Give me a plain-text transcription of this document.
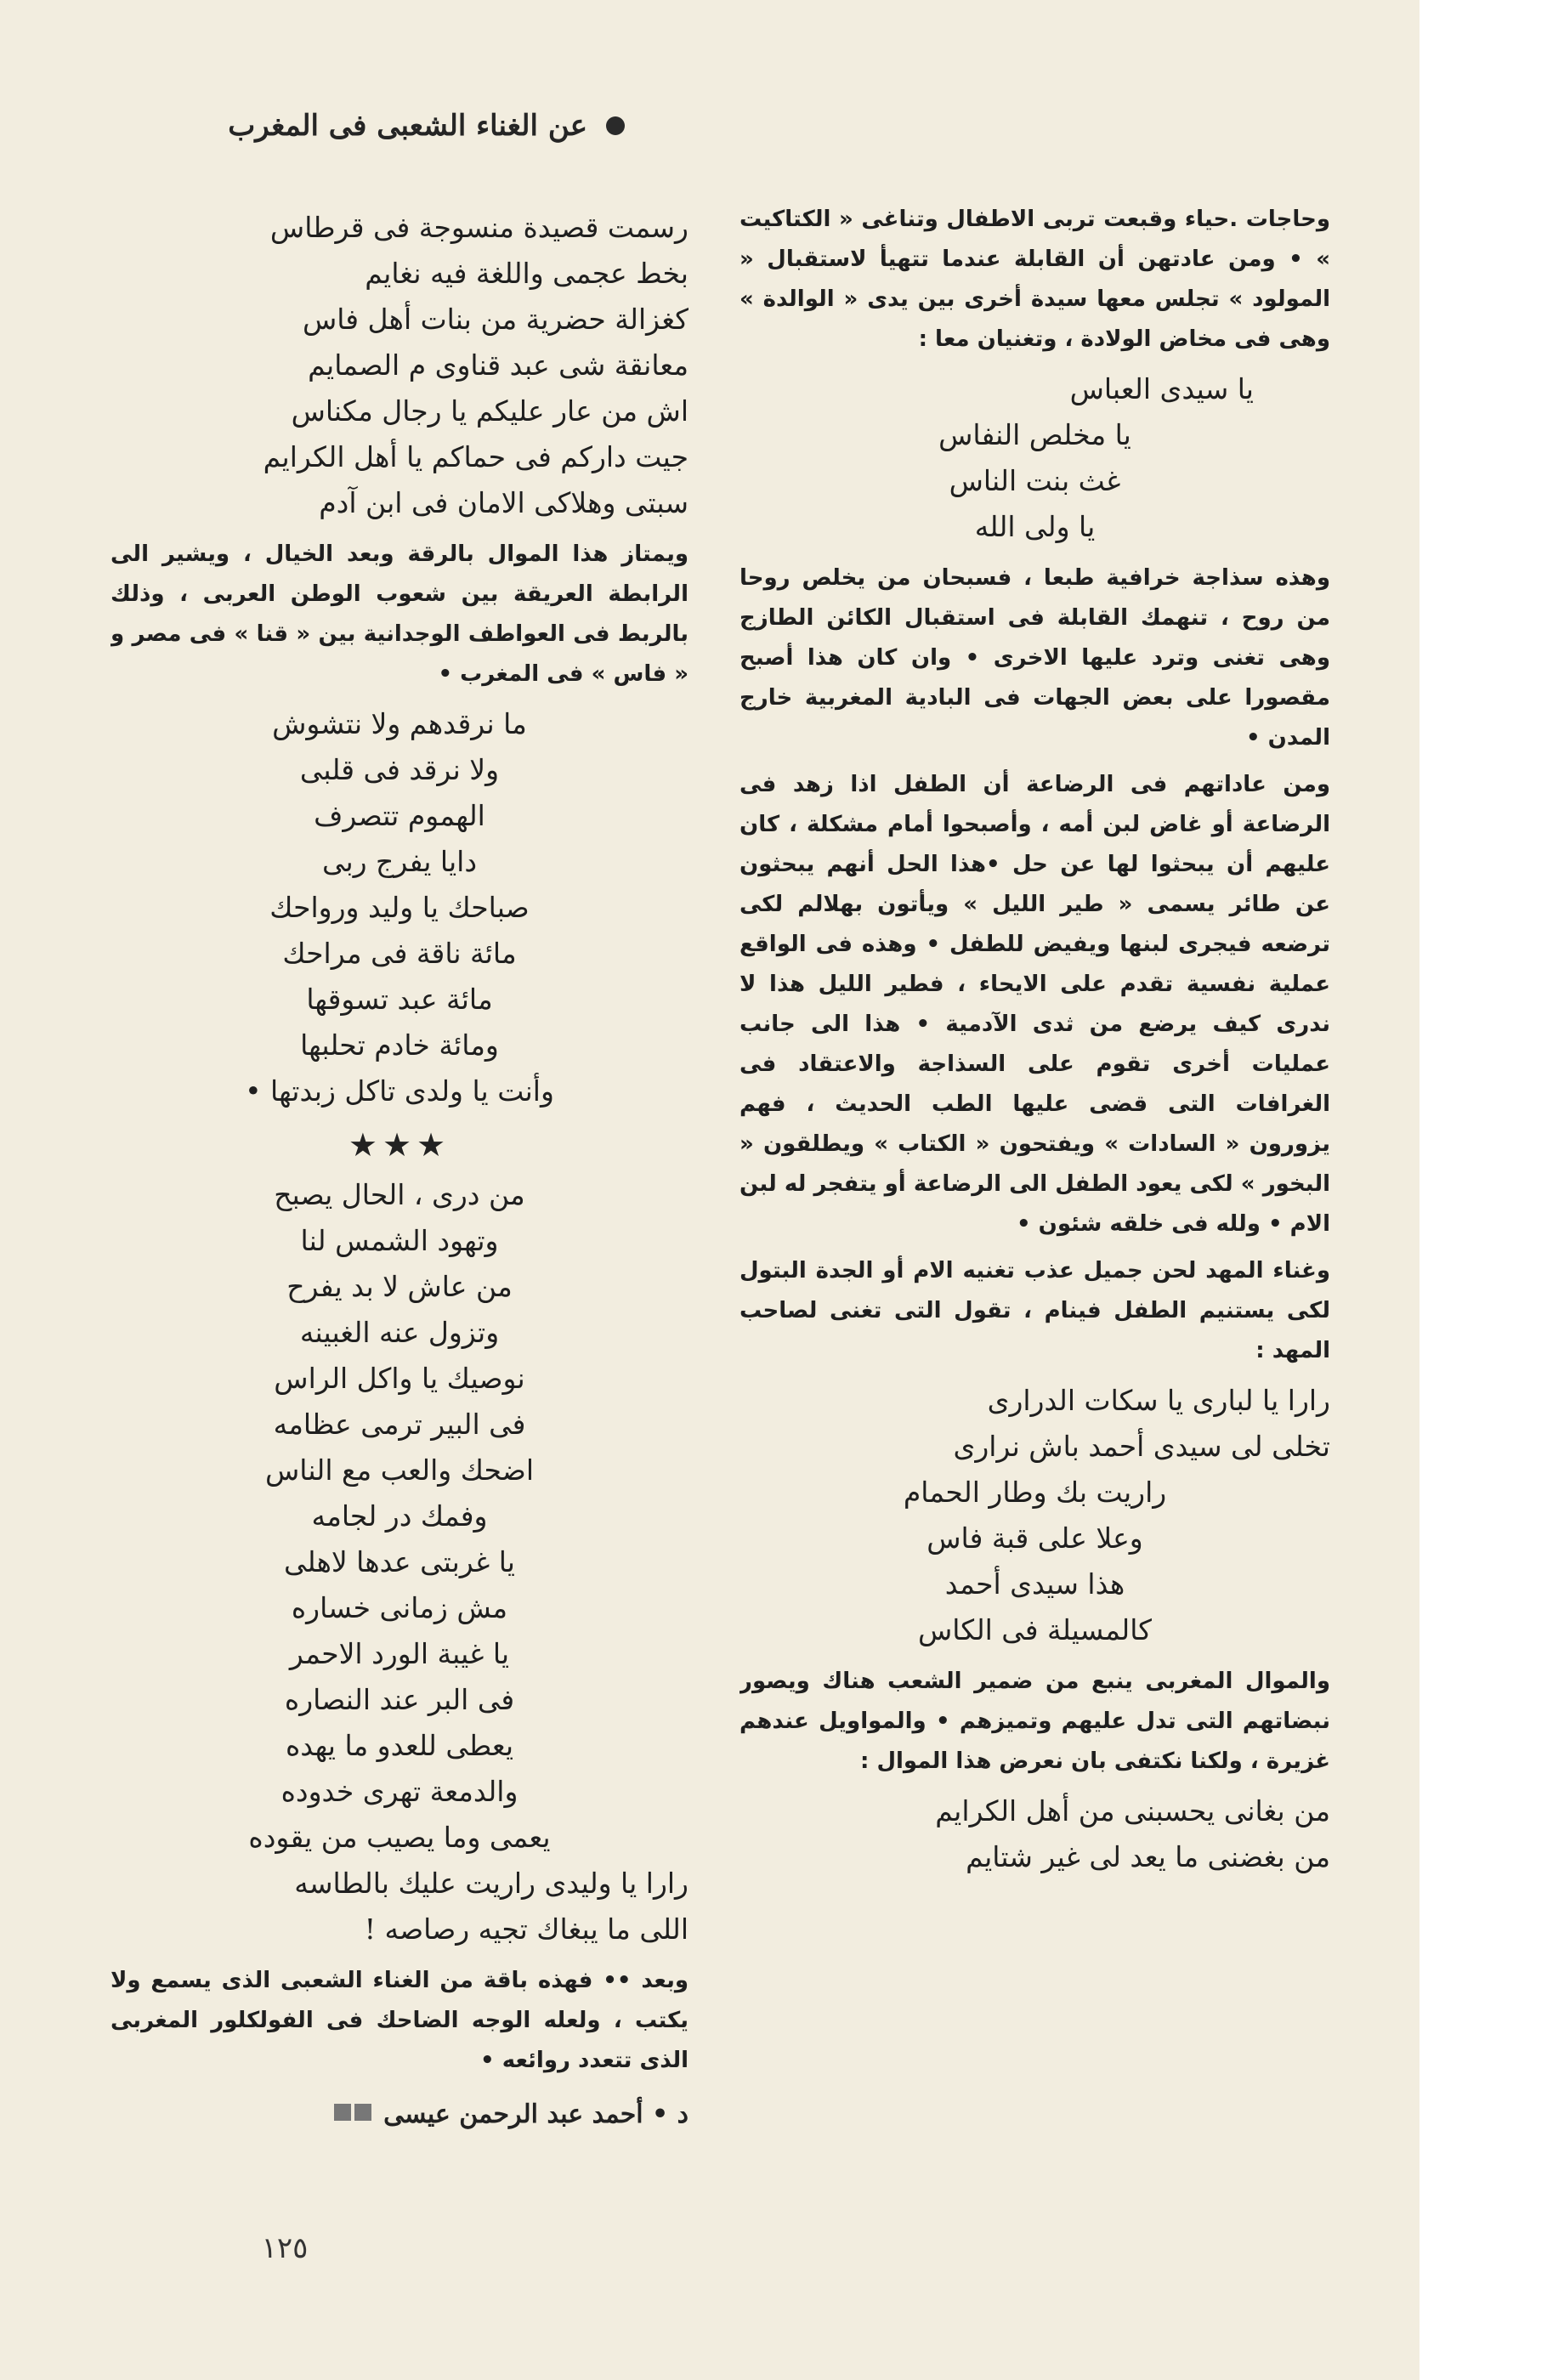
عن الغناء الشعبى فى المغرب

وحاجات .حياء وقبعت تربى الاطفال وتناغى « الكتاكيت » • ومن عادتهن أن القابلة عندما تتهيأ لاستقبال « المولود » تجلس معها سيدة أخرى بين يدى « الوالدة » وهى فى مخاض الولادة ، وتغنيان معا :

يا سيدى العباس

يا مخلص النفاس

غث بنت الناس

يا ولى الله

وهذه سذاجة خرافية طبعا ، فسبحان من يخلص روحا من روح ، تنهمك القابلة فى استقبال الكائن الطازج وهى تغنى وترد عليها الاخرى • وان كان هذا أصبح مقصورا على بعض الجهات فى البادية المغربية خارج المدن •

ومن عاداتهم فى الرضاعة أن الطفل اذا زهد فى الرضاعة أو غاض لبن أمه ، وأصبحوا أمام مشكلة ، كان عليهم أن يبحثوا لها عن حل •هذا الحل أنهم يبحثون عن طائر يسمى « طير الليل » ويأتون بهلالم لكى ترضعه فيجرى لبنها ويفيض للطفل • وهذه فى الواقع عملية نفسية تقدم على الايحاء ، فطير الليل هذا لا ندرى كيف يرضع من ثدى الآدمية • هذا الى جانب عمليات أخرى تقوم على السذاجة والاعتقاد فى الغرافات التى قضى عليها الطب الحديث ، فهم يزورون « السادات » ويفتحون « الكتاب » ويطلقون « البخور » لكى يعود الطفل الى الرضاعة أو يتفجر له لبن الام • ولله فى خلقه شئون •

وغناء المهد لحن جميل عذب تغنيه الام أو الجدة البتول لكى يستنيم الطفل فينام ، تقول التى تغنى لصاحب المهد :

رارا يا لبارى يا سكات الدرارى

تخلى لى سيدى أحمد باش نرارى

راريت بك وطار الحمام

وعلا على قبة فاس

هذا سيدى أحمد

كالمسيلة فى الكاس

والموال المغربى ينبع من ضمير الشعب هناك ويصور نبضاتهم التى تدل عليهم وتميزهم • والمواويل عندهم غزيرة ، ولكنا نكتفى بان نعرض هذا الموال :

من بغانى يحسبنى من أهل الكرايم

من بغضنى ما يعد لى غير شتايم

رسمت قصيدة منسوجة فى قرطاس

بخط عجمى واللغة فيه نغايم

كغزالة حضرية من بنات أهل فاس

معانقة شى عبد قناوى م الصمايم

اش من عار عليكم يا رجال مكناس

جيت داركم فى حماكم يا أهل الكرايم

سبتى وهلاكى الامان فى ابن آدم

ويمتاز هذا الموال بالرقة وبعد الخيال ، ويشير الى الرابطة العريقة بين شعوب الوطن العربى ، وذلك بالربط فى العواطف الوجدانية بين « قنا » فى مصر و « فاس » فى المغرب •

ما نرقدهم ولا نتشوش

ولا نرقد فى قلبى

الهموم تتصرف

دايا يفرج ربى

صباحك يا وليد ورواحك

مائة ناقة فى مراحك

مائة عبد تسوقها

ومائة خادم تحلبها

وأنت يا ولدى تاكل زبدتها •

★★★

من درى ، الحال يصبح

وتهود الشمس لنا

من عاش لا بد يفرح

وتزول عنه الغبينه

نوصيك يا واكل الراس

فى البير ترمى عظامه

اضحك والعب مع الناس

وفمك در لجامه

يا غربتى عدها لاهلى

مش زمانى خساره

يا غيبة الورد الاحمر

فى البر عند النصاره

يعطى للعدو ما يهده

والدمعة تهرى خدوده

يعمى وما يصيب من يقوده

رارا يا وليدى راريت عليك بالطاسه

اللى ما يبغاك تجيه رصاصه !

وبعد •• فهذه باقة من الغناء الشعبى الذى يسمع ولا يكتب ، ولعله الوجه الضاحك فى الفولكلور المغربى الذى تتعدد روائعه •

د • أحمد عبد الرحمن عيسى

١٢٥
